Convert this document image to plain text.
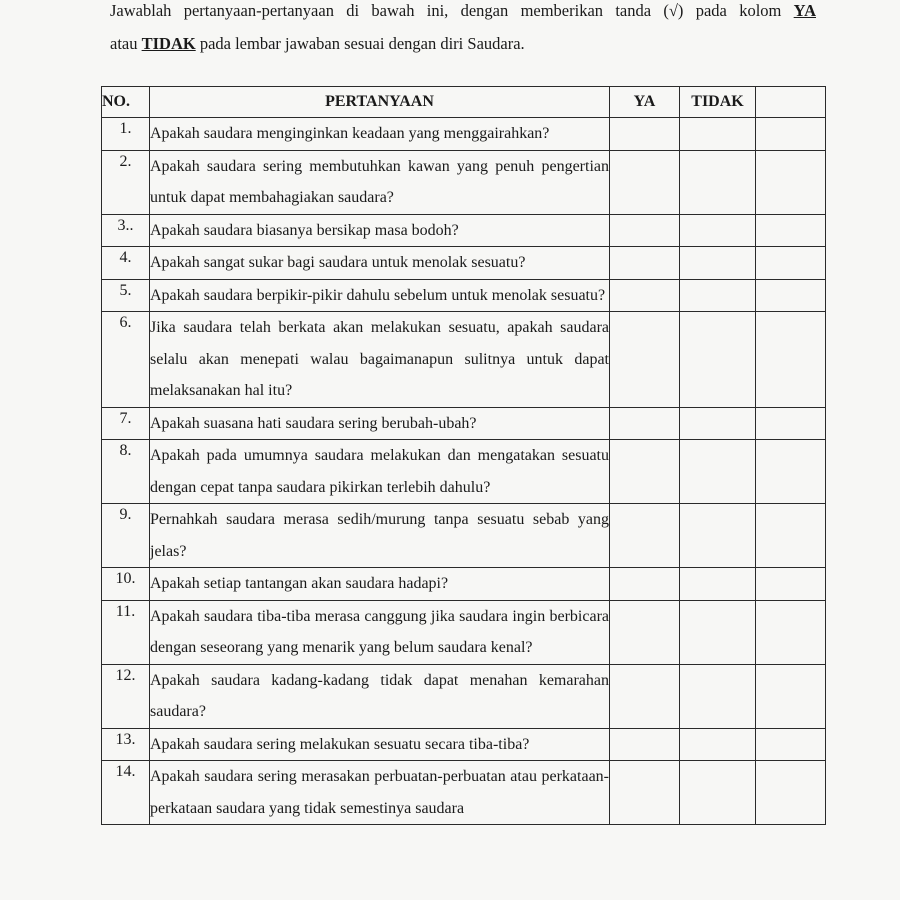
Jawablah pertanyaan-pertanyaan di bawah ini, dengan memberikan tanda (√) pada kolom YA
atau TIDAK pada lembar jawaban sesuai dengan diri Saudara.
NO.	PERTANYAAN	YA	TIDAK	
1.	Apakah saudara menginginkan keadaan yang menggairahkan?			
2.	Apakah saudara sering membutuhkan kawan yang penuh pengertian untuk dapat membahagiakan saudara?			
3..	Apakah saudara biasanya bersikap masa bodoh?			
4.	Apakah sangat sukar bagi saudara untuk menolak sesuatu?			
5.	Apakah saudara berpikir-pikir dahulu sebelum untuk menolak sesuatu?			
6.	Jika saudara telah berkata akan melakukan sesuatu, apakah saudara selalu akan menepati walau bagaimanapun sulitnya untuk dapat melaksanakan hal itu?			
7.	Apakah suasana hati saudara sering berubah-ubah?			
8.	Apakah pada umumnya saudara melakukan dan mengatakan sesuatu dengan cepat tanpa saudara pikirkan terlebih dahulu?			
9.	Pernahkah saudara merasa sedih/murung tanpa sesuatu sebab yang jelas?			
10.	Apakah setiap tantangan akan saudara hadapi?			
11.	Apakah saudara tiba-tiba merasa canggung jika saudara ingin berbicara dengan seseorang yang menarik yang belum saudara kenal?			
12.	Apakah saudara kadang-kadang tidak dapat menahan kemarahan saudara?			
13.	Apakah saudara sering melakukan sesuatu secara tiba-tiba?			
14.	Apakah saudara sering merasakan perbuatan-perbuatan atau perkataan-perkataan saudara yang tidak semestinya saudara			
